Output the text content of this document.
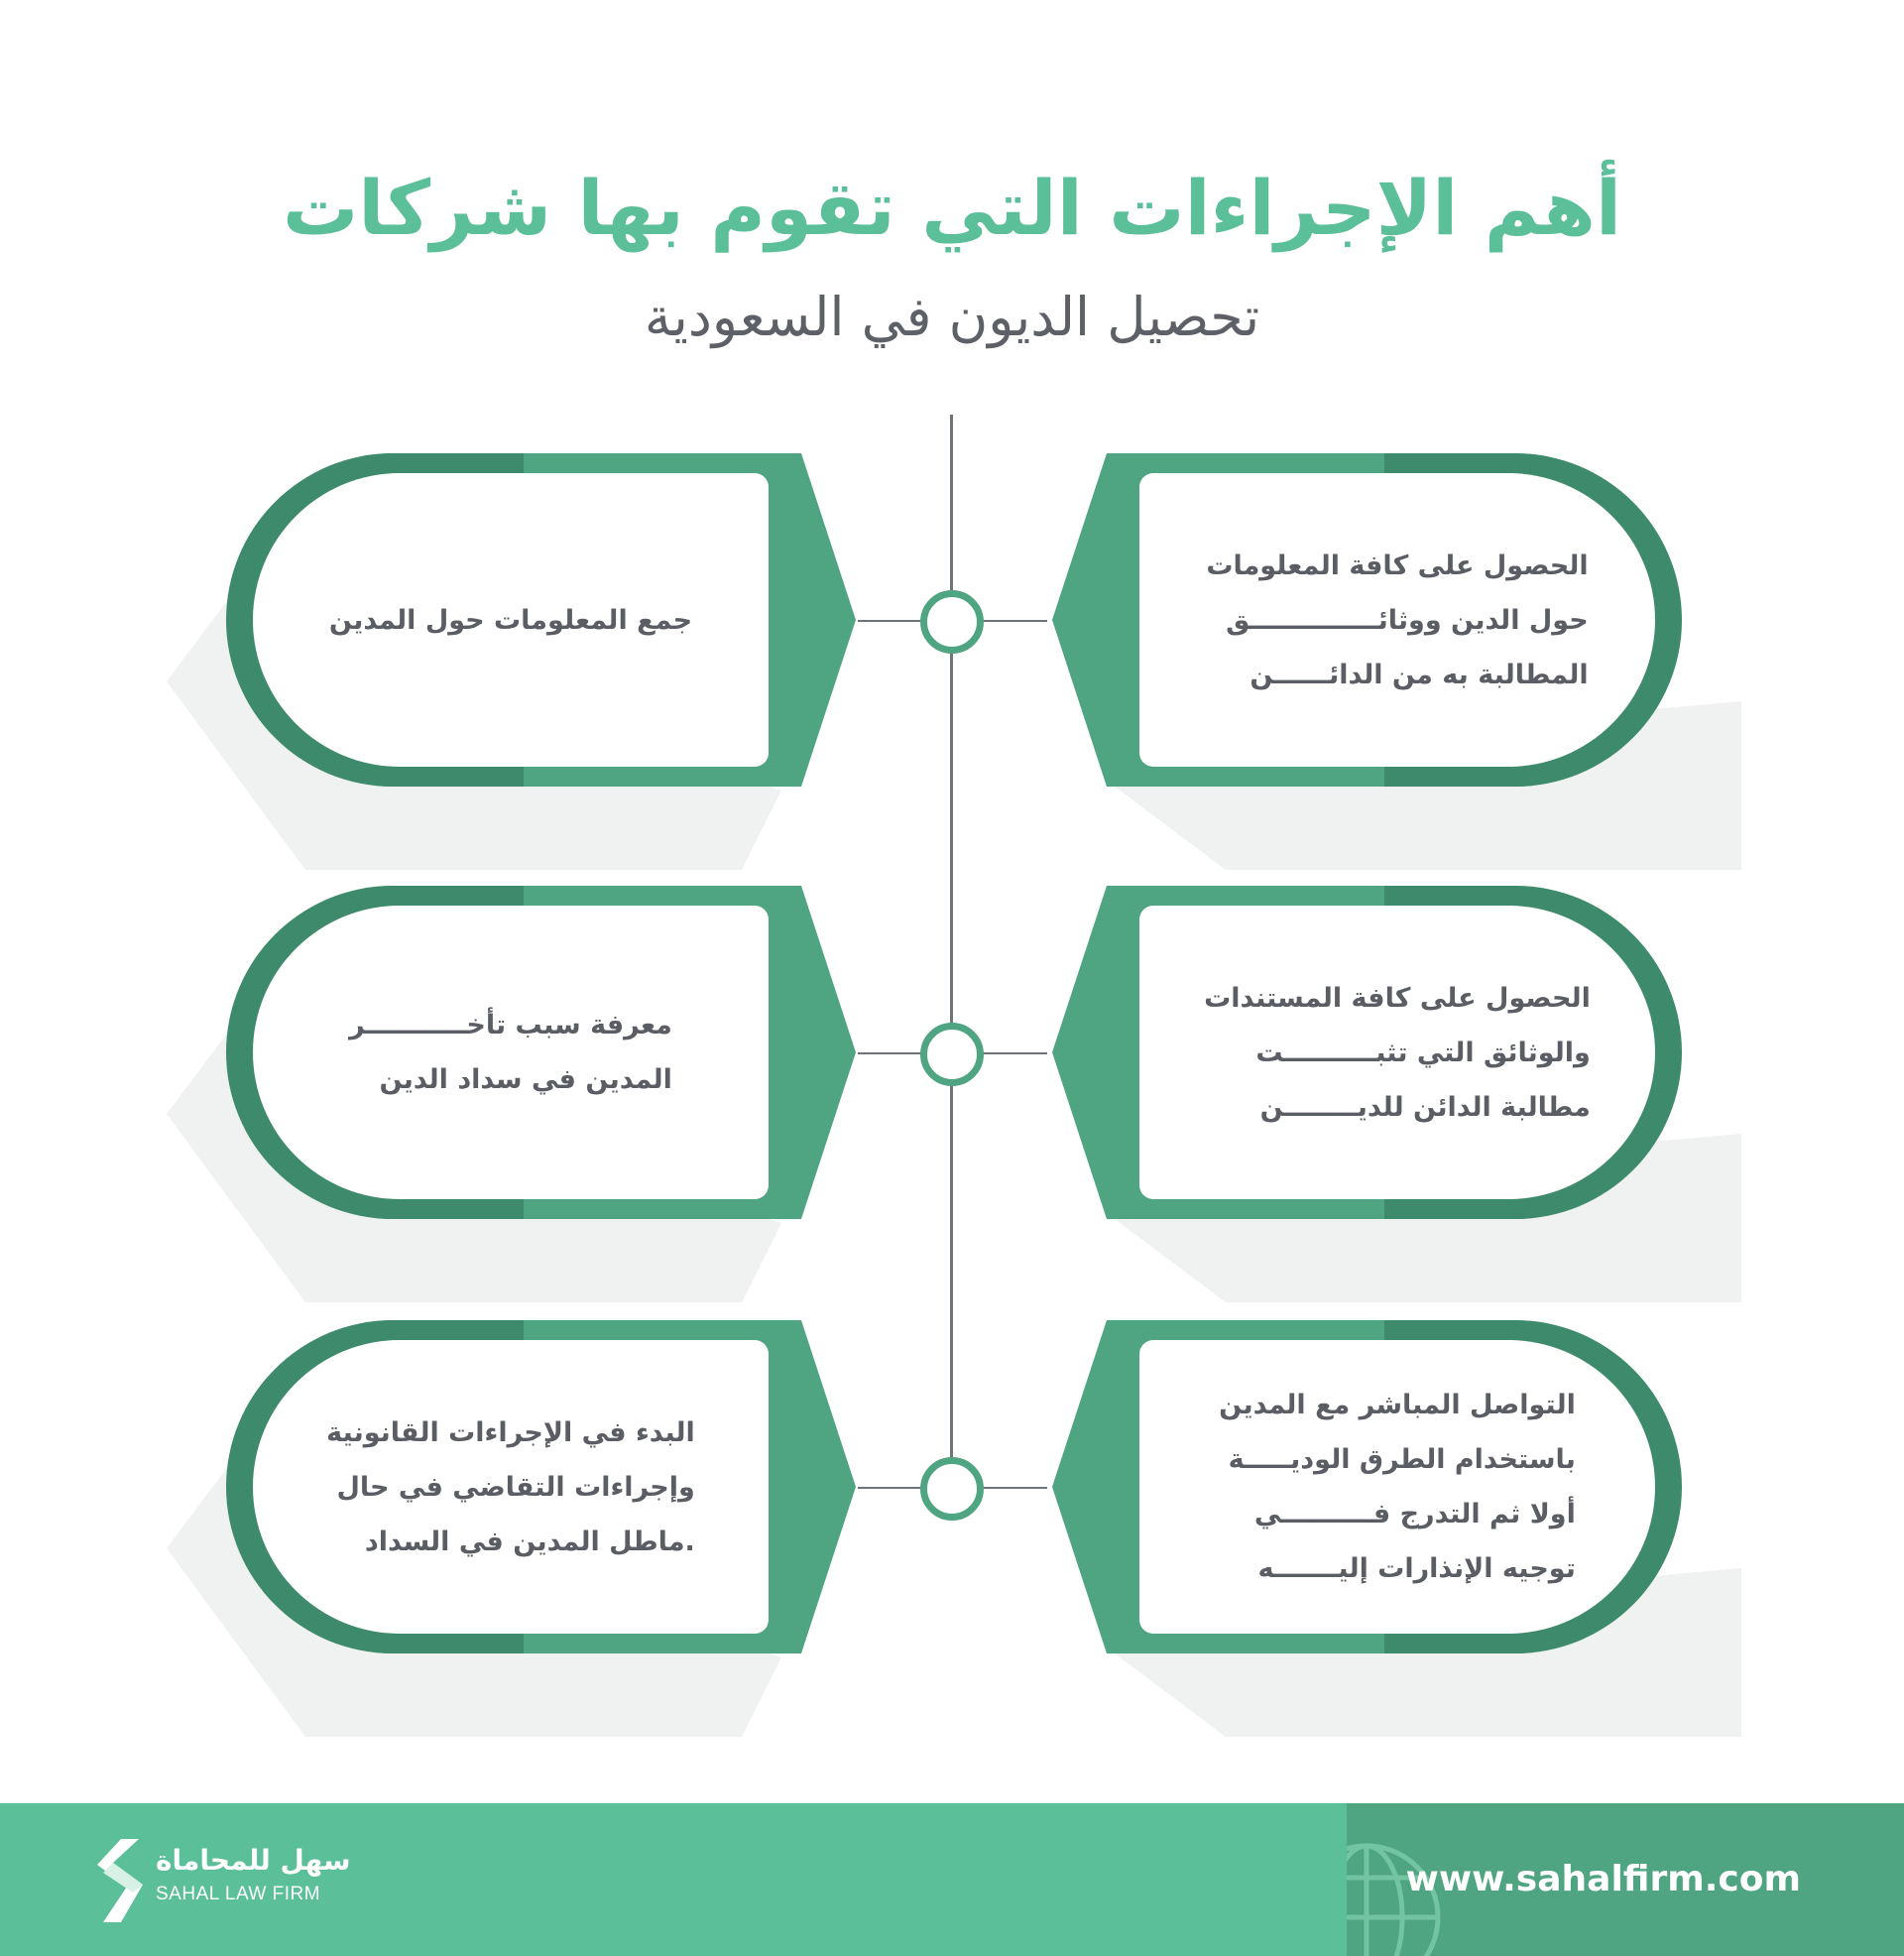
أهم الإجراءات التي تقوم بها شركات
تحصيل الديون في السعودية

جمع المعلومات حول المدين

الحصول على كافة المعلومات
حول الدين ووثائــــــــــــــق
المطالبة به من الدائــــــن

معرفة سبب تأخـــــــــــر
المدين في سداد الدين

الحصول على كافة المستندات
والوثائق التي تثبــــــــــت
مطالبة الدائن للديــــــــن

البدء في الإجراءات القانونية
وإجراءات التقاضي في حال
.ماطل المدين في السداد

التواصل المباشر مع المدين
باستخدام الطرق الوديـــــة
أولا ثم التدرج فــــــــــي
توجيه الإنذارات إليـــــــه

www.sahalfirm.com

سهل للمحاماة

SAHAL LAW FIRM
